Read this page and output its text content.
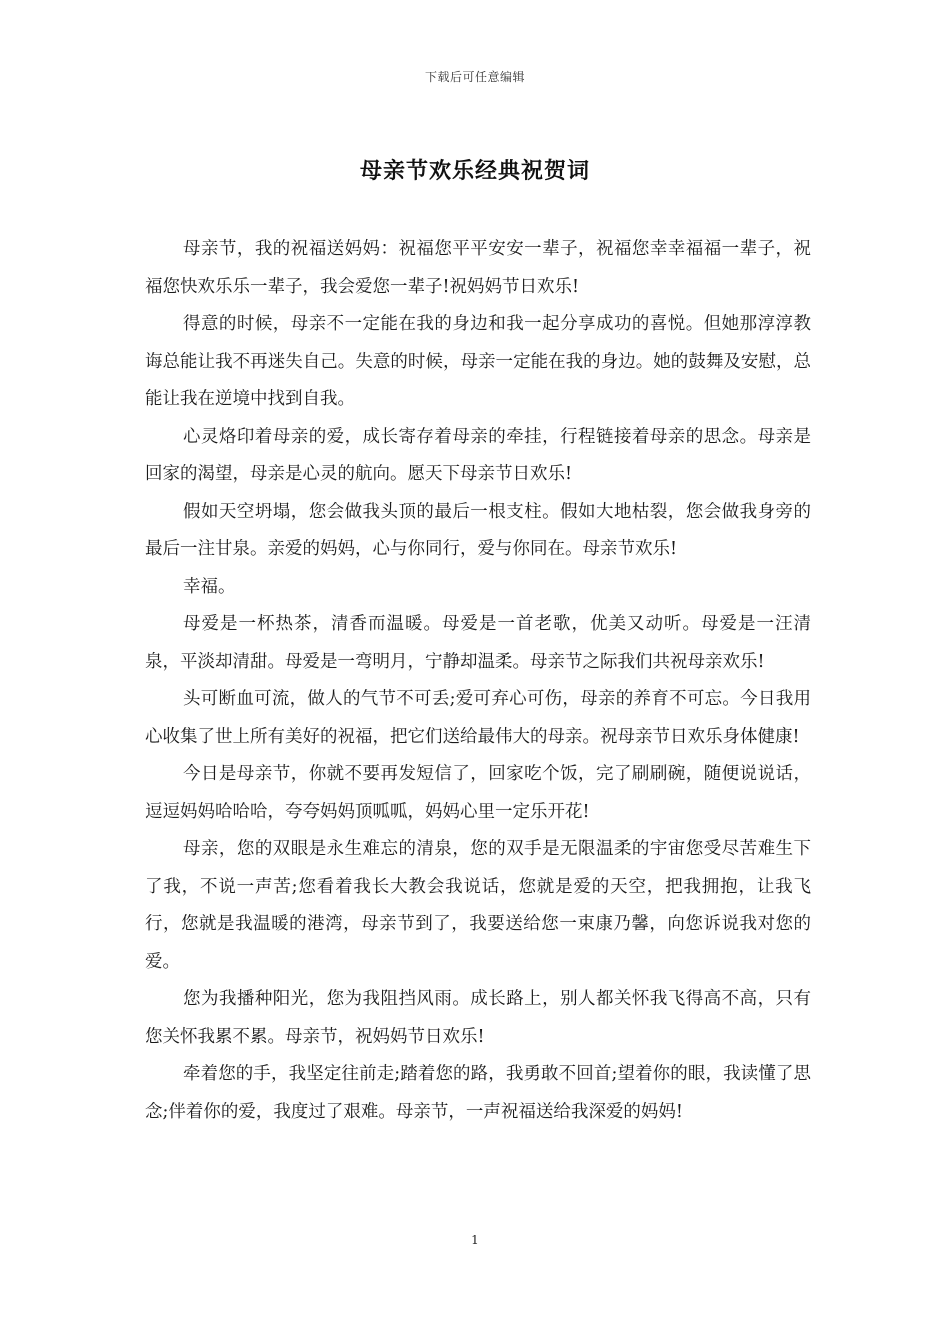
下载后可任意编辑
母亲节欢乐经典祝贺词

母亲节，我的祝福送妈妈：祝福您平平安安一辈子，祝福您幸幸福福一辈子，祝福您快欢乐乐一辈子，我会爱您一辈子!祝妈妈节日欢乐!

得意的时候，母亲不一定能在我的身边和我一起分享成功的喜悦。但她那淳淳教诲总能让我不再迷失自己。失意的时候，母亲一定能在我的身边。她的鼓舞及安慰，总能让我在逆境中找到自我。

心灵烙印着母亲的爱，成长寄存着母亲的牵挂，行程链接着母亲的思念。母亲是回家的渴望，母亲是心灵的航向。愿天下母亲节日欢乐!

假如天空坍塌，您会做我头顶的最后一根支柱。假如大地枯裂，您会做我身旁的最后一注甘泉。亲爱的妈妈，心与你同行，爱与你同在。母亲节欢乐!

幸福。

母爱是一杯热茶，清香而温暖。母爱是一首老歌，优美又动听。母爱是一汪清泉，平淡却清甜。母爱是一弯明月，宁静却温柔。母亲节之际我们共祝母亲欢乐!

头可断血可流，做人的气节不可丢;爱可弃心可伤，母亲的养育不可忘。今日我用心收集了世上所有美好的祝福，把它们送给最伟大的母亲。祝母亲节日欢乐身体健康!

今日是母亲节，你就不要再发短信了，回家吃个饭，完了刷刷碗，随便说说话，逗逗妈妈哈哈哈，夸夸妈妈顶呱呱，妈妈心里一定乐开花!

母亲，您的双眼是永生难忘的清泉，您的双手是无限温柔的宇宙您受尽苦难生下了我，不说一声苦;您看着我长大教会我说话，您就是爱的天空，把我拥抱，让我飞行，您就是我温暖的港湾，母亲节到了，我要送给您一束康乃馨，向您诉说我对您的爱。

您为我播种阳光，您为我阻挡风雨。成长路上，别人都关怀我飞得高不高，只有您关怀我累不累。母亲节，祝妈妈节日欢乐!

牵着您的手，我坚定往前走;踏着您的路，我勇敢不回首;望着你的眼，我读懂了思念;伴着你的爱，我度过了艰难。母亲节，一声祝福送给我深爱的妈妈!

1
